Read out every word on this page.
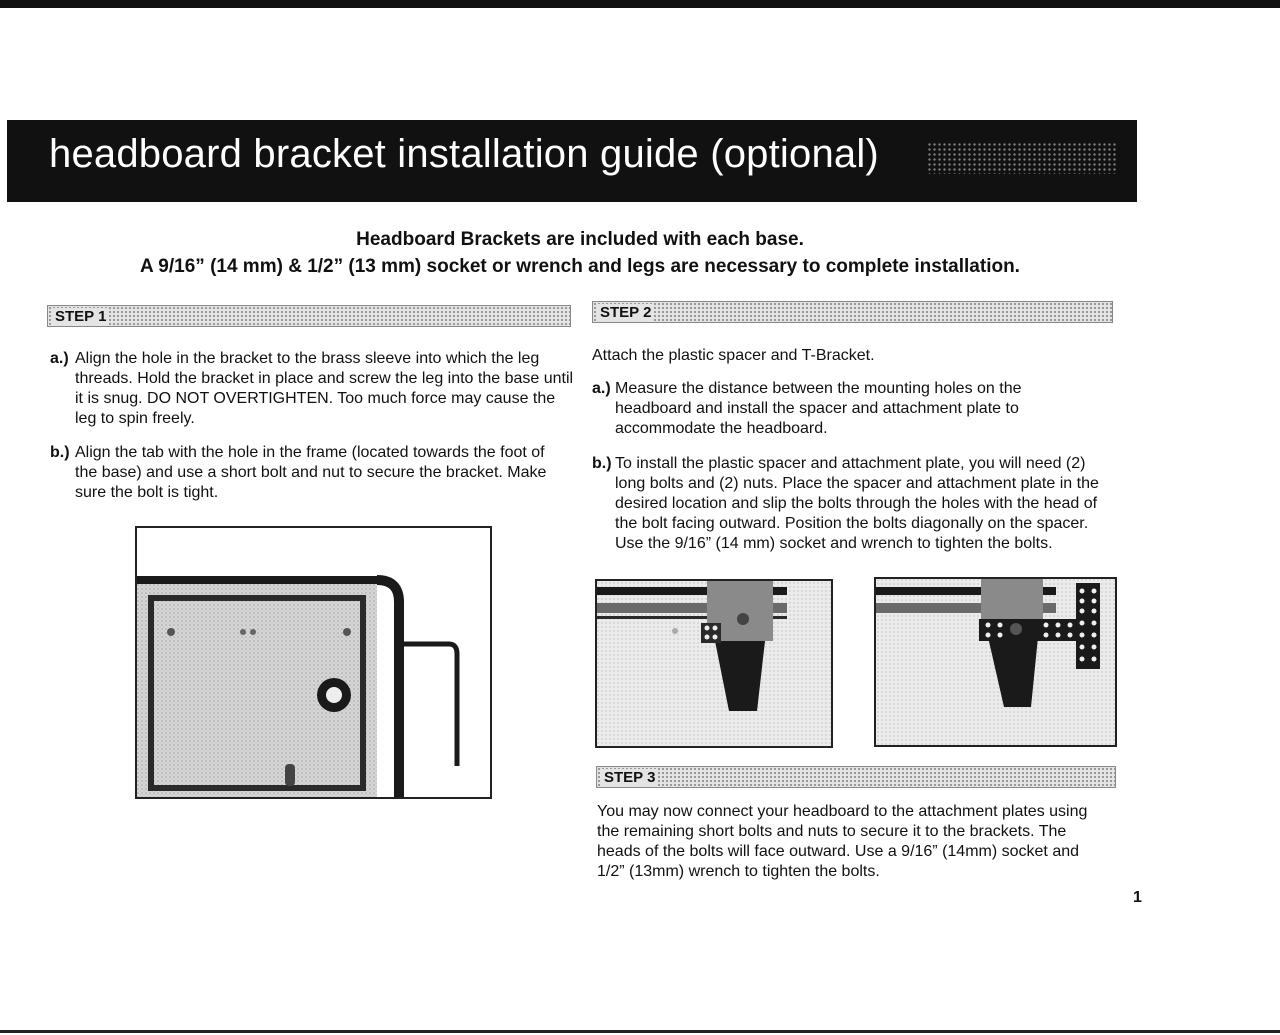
headboard bracket installation guide (optional)
Headboard Brackets are included with each base.
A 9/16” (14 mm) & 1/2” (13 mm) socket or wrench and legs are necessary to complete installation.
STEP 1
a.) Align the hole in the bracket to the brass sleeve into which the leg threads. Hold the bracket in place and screw the leg into the base until it is snug. DO NOT OVERTIGHTEN. Too much force may cause the leg to spin freely.
b.) Align the tab with the hole in the frame (located towards the foot of the base) and use a short bolt and nut to secure the bracket. Make sure the bolt is tight.
STEP 2
Attach the plastic spacer and T-Bracket.
a.) Measure the distance between the mounting holes on the headboard and install the spacer and attachment plate to accommodate the headboard.
b.) To install the plastic spacer and attachment plate, you will need (2) long bolts and (2) nuts. Place the spacer and attachment plate in the desired location and slip the bolts through the holes with the head of the bolt facing outward. Position the bolts diagonally on the spacer. Use the 9/16” (14 mm) socket and wrench to tighten the bolts.
STEP 3
You may now connect your headboard to the attachment plates using the remaining short bolts and nuts to secure it to the brackets. The heads of the bolts will face outward. Use a 9/16” (14mm) socket and 1/2” (13mm) wrench to tighten the bolts.
1
